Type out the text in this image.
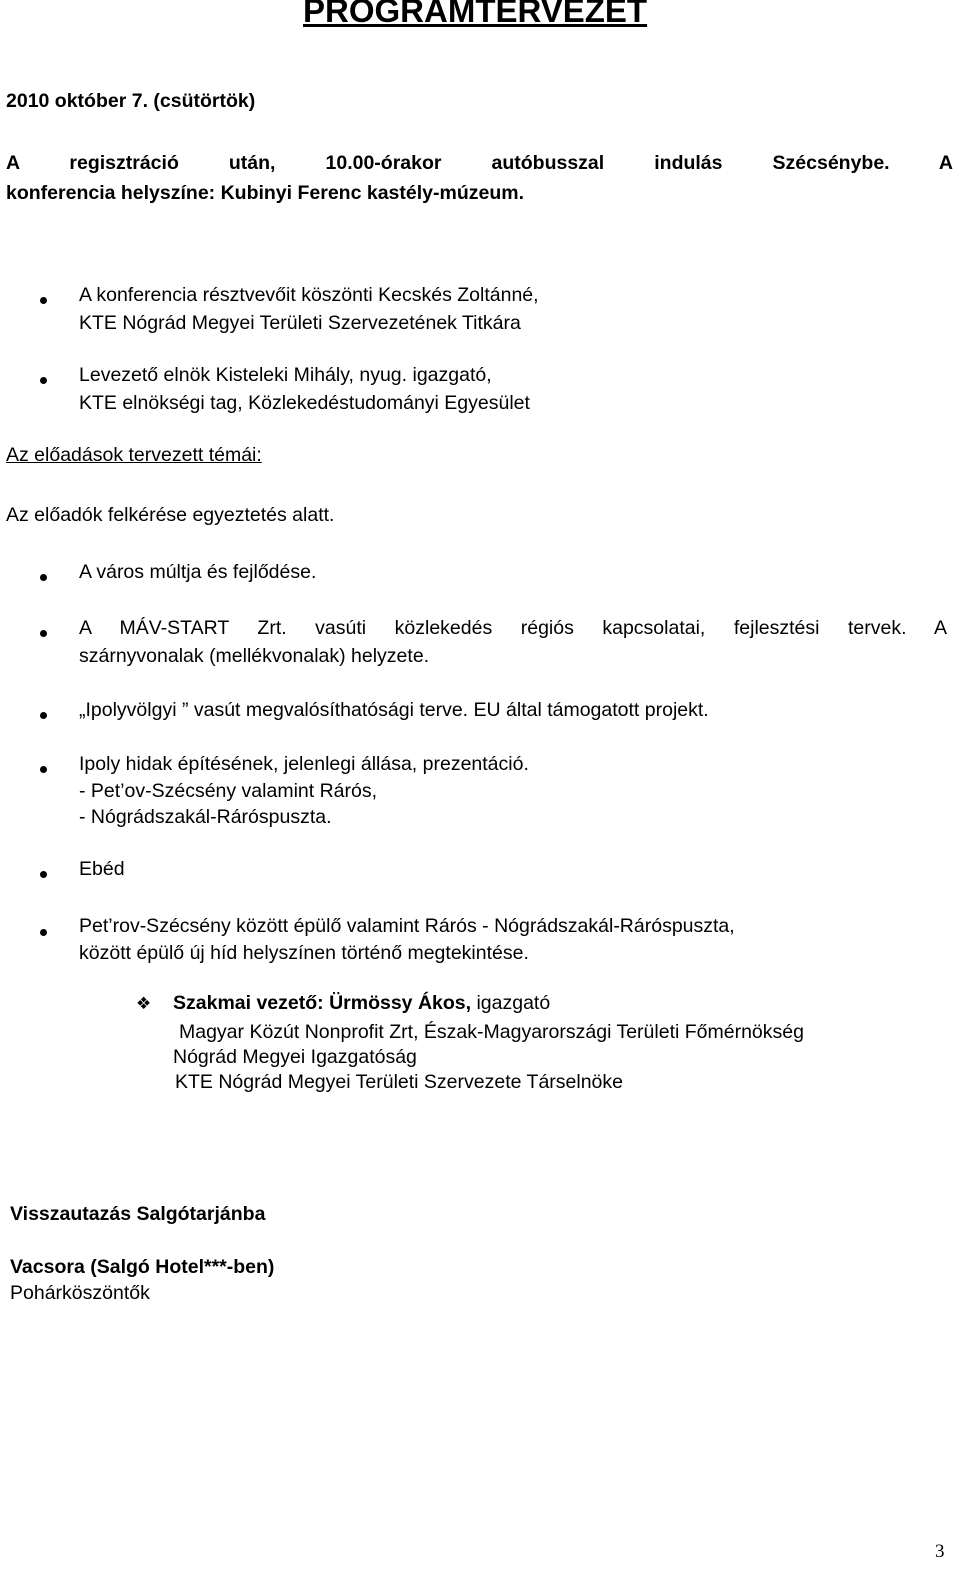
PROGRAMTERVEZET
2010 október 7. (csütörtök)
A regisztráció után, 10.00-órakor autóbusszal indulás Szécsénybe. A
konferencia helyszíne: Kubinyi Ferenc kastély-múzeum.
A konferencia résztvevőit köszönti Kecskés Zoltánné,
KTE Nógrád Megyei Területi Szervezetének Titkára
Levezető elnök Kisteleki Mihály, nyug. igazgató,
KTE elnökségi tag, Közlekedéstudományi Egyesület
Az előadások tervezett témái:
Az előadók felkérése egyeztetés alatt.
A város múltja és fejlődése.
A MÁV-START Zrt. vasúti közlekedés régiós kapcsolatai, fejlesztési tervek. A
szárnyvonalak (mellékvonalak) helyzete.
„Ipolyvölgyi ” vasút megvalósíthatósági terve. EU által támogatott projekt.
Ipoly hidak építésének, jelenlegi állása, prezentáció.
- Pet’ov-Szécsény valamint Rárós,
- Nógrádszakál-Ráróspuszta.
Ebéd
Pet’rov-Szécsény között épülő valamint Rárós - Nógrádszakál-Ráróspuszta,
között épülő új híd helyszínen történő megtekintése.
❖ Szakmai vezető: Ürmössy Ákos, igazgató
Magyar Közút Nonprofit Zrt, Észak-Magyarországi Területi Főmérnökség
Nógrád Megyei Igazgatóság
KTE Nógrád Megyei Területi Szervezete Társelnöke
Visszautazás Salgótarjánba
Vacsora (Salgó Hotel***-ben)
Pohárköszöntők
3
